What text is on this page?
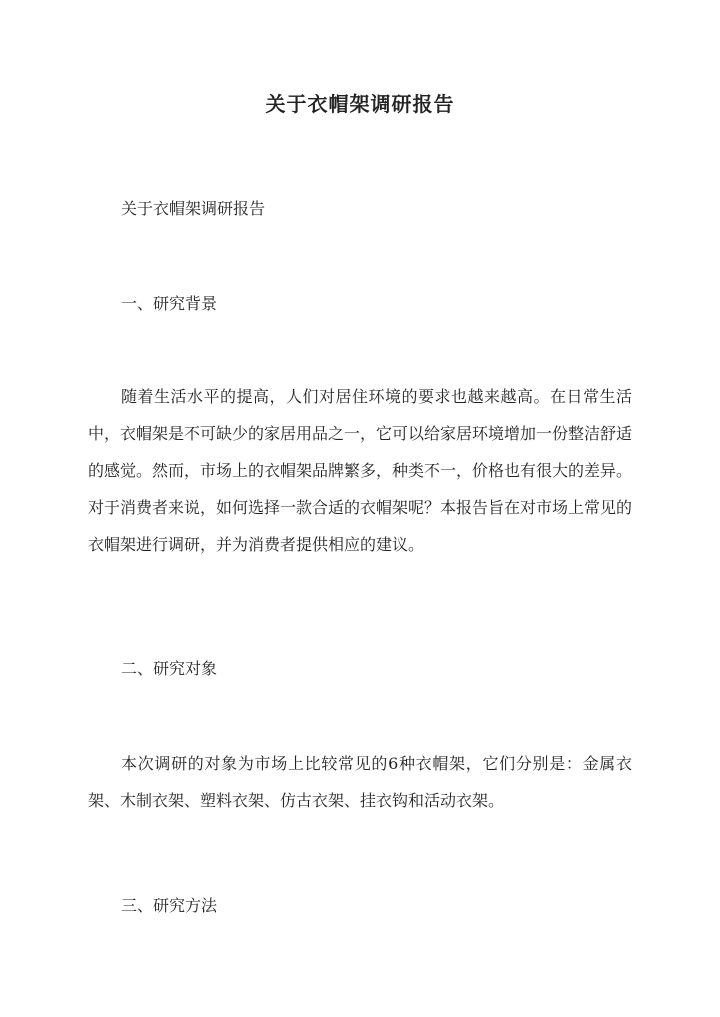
关于衣帽架调研报告
关于衣帽架调研报告
一、研究背景
随着生活水平的提高，人们对居住环境的要求也越来越高。在日常生活中，衣帽架是不可缺少的家居用品之一，它可以给家居环境增加一份整洁舒适的感觉。然而，市场上的衣帽架品牌繁多，种类不一，价格也有很大的差异。对于消费者来说，如何选择一款合适的衣帽架呢？本报告旨在对市场上常见的衣帽架进行调研，并为消费者提供相应的建议。
二、研究对象
本次调研的对象为市场上比较常见的6种衣帽架，它们分别是：金属衣架、木制衣架、塑料衣架、仿古衣架、挂衣钩和活动衣架。
三、研究方法
